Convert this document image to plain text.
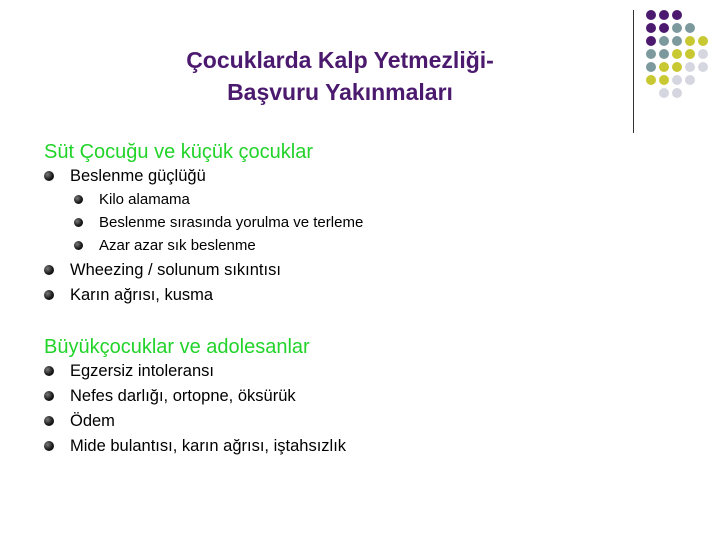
Çocuklarda Kalp Yetmezliği-
Başvuru Yakınmaları
Süt Çocuğu ve küçük çocuklar
Beslenme güçlüğü
Kilo alamama
Beslenme sırasında yorulma ve terleme
Azar azar sık beslenme
Wheezing / solunum sıkıntısı
Karın ağrısı, kusma
Büyükçocuklar ve adolesanlar
Egzersiz intoleransı
Nefes darlığı, ortopne, öksürük
Ödem
Mide bulantısı, karın ağrısı, iştahsızlık
